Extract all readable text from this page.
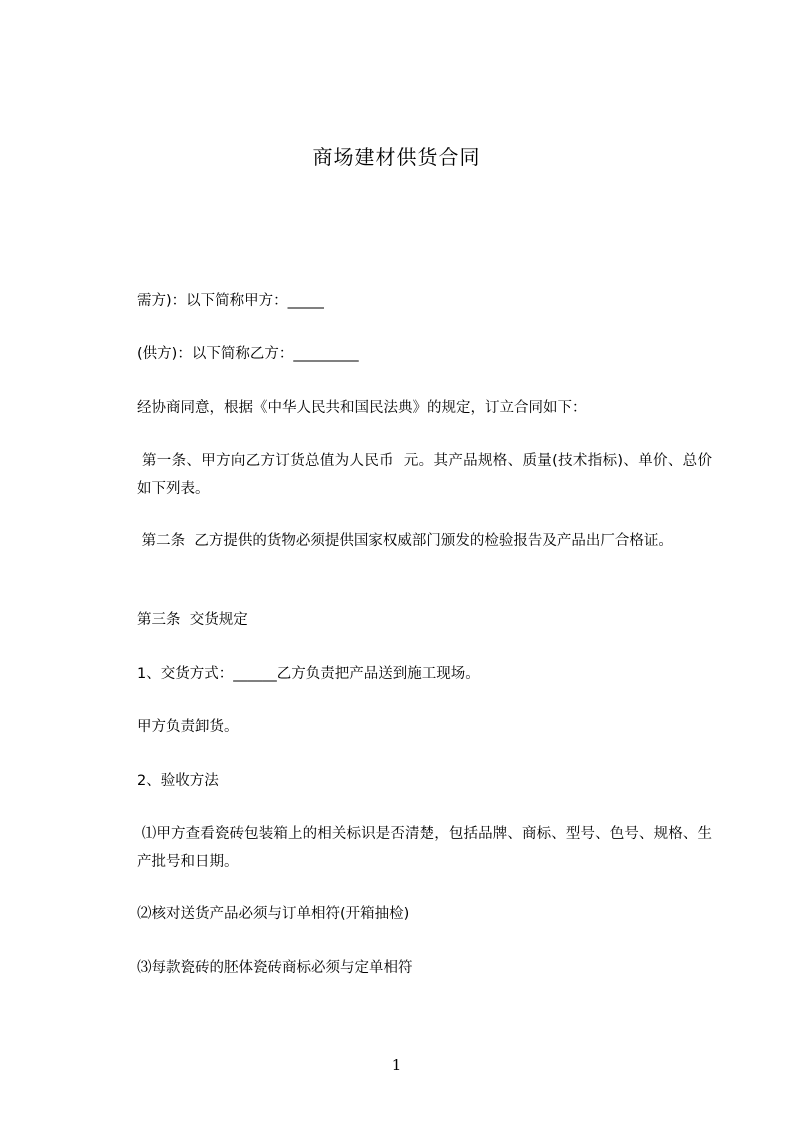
商场建材供货合同
需方)：以下简称甲方：_____
(供方)：以下简称乙方：_________
经协商同意，根据《中华人民共和国民法典》的规定，订立合同如下：
第一条、甲方向乙方订货总值为人民币  元。其产品规格、质量(技术指标)、单价、总价如下列表。
第二条  乙方提供的货物必须提供国家权威部门颁发的检验报告及产品出厂合格证。
第三条  交货规定
1、交货方式：______乙方负责把产品送到施工现场。
甲方负责卸货。
2、验收方法
⑴甲方查看瓷砖包装箱上的相关标识是否清楚，包括品牌、商标、型号、色号、规格、生产批号和日期。
⑵核对送货产品必须与订单相符(开箱抽检)
⑶每款瓷砖的胚体瓷砖商标必须与定单相符
1
